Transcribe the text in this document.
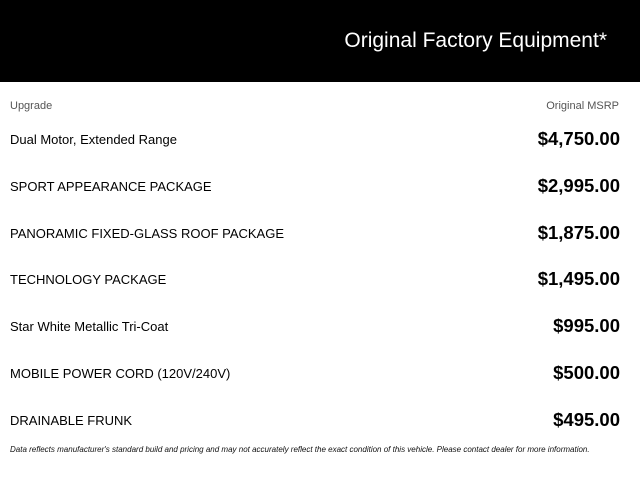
Original Factory Equipment*
Upgrade	Original MSRP
Dual Motor, Extended Range	$4,750.00
SPORT APPEARANCE PACKAGE	$2,995.00
PANORAMIC FIXED-GLASS ROOF PACKAGE	$1,875.00
TECHNOLOGY PACKAGE	$1,495.00
Star White Metallic Tri-Coat	$995.00
MOBILE POWER CORD (120V/240V)	$500.00
DRAINABLE FRUNK	$495.00
Data reflects manufacturer's standard build and pricing and may not accurately reflect the exact condition of this vehicle. Please contact dealer for more information.
